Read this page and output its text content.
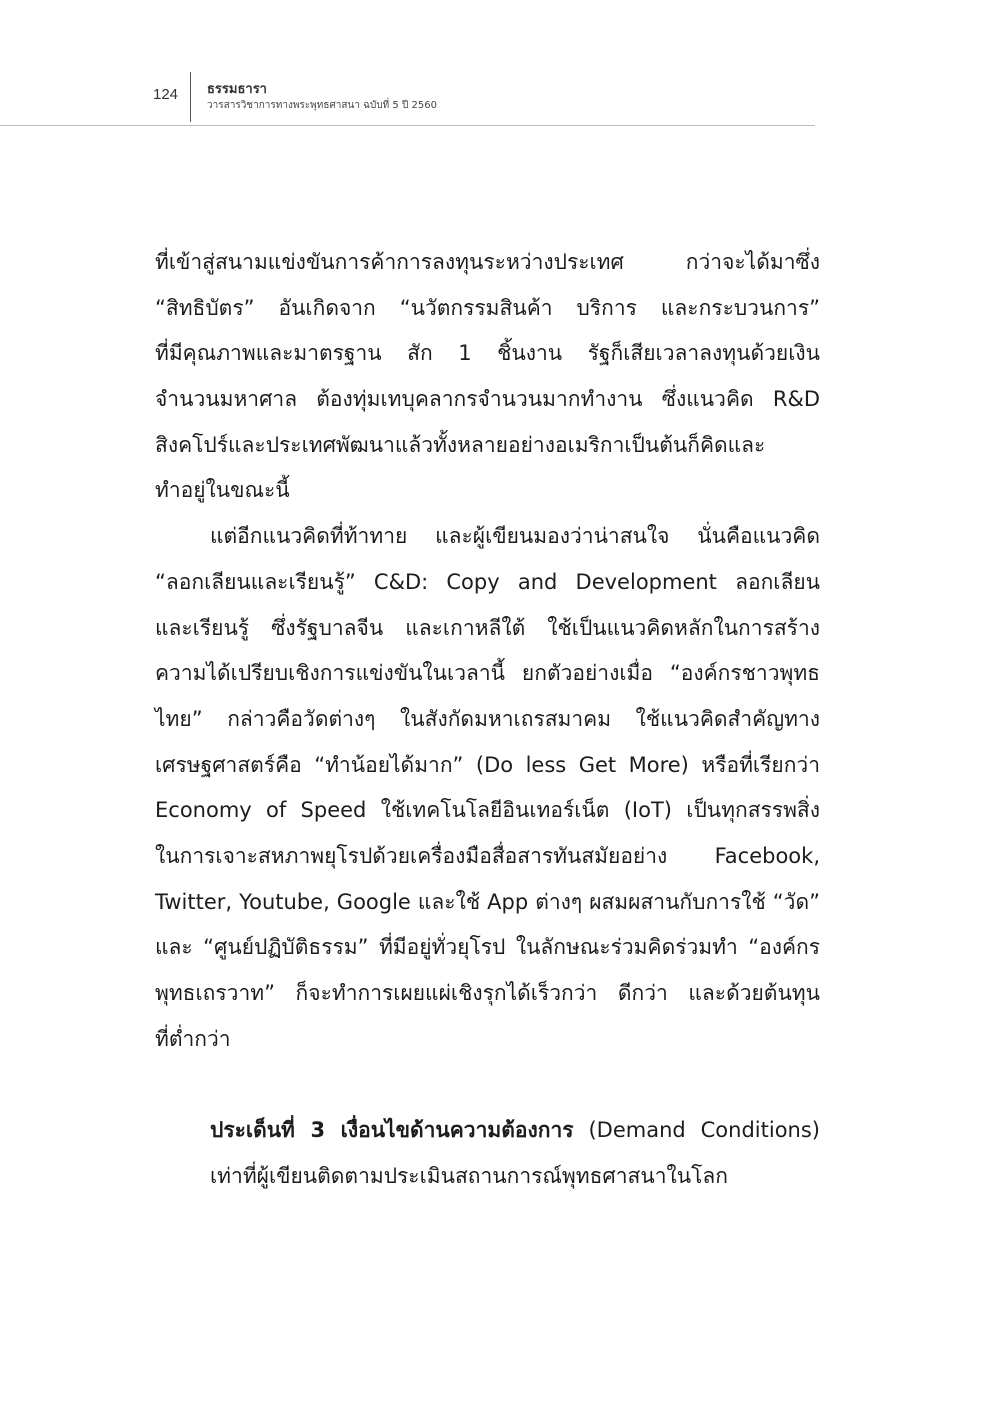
124 ธรรมธารา
วารสารวิชาการทางพระพุทธศาสนา ฉบับที่ 5 ปี 2560
ที่เข้าสู่สนามแข่งขันการค้าการลงทุนระหว่างประเทศ กว่าจะได้มาซึ่ง
“สิทธิบัตร” อันเกิดจาก “นวัตกรรมสินค้า บริการ และกระบวนการ”
ที่มีคุณภาพและมาตรฐาน สัก 1 ชิ้นงาน รัฐก็เสียเวลาลงทุนด้วยเงิน
จำนวนมหาศาล ต้องทุ่มเทบุคลากรจำนวนมากทำงาน ซึ่งแนวคิด R&D
สิงคโปร์และประเทศพัฒนาแล้วทั้งหลายอย่างอเมริกาเป็นต้นก็คิดและ
ทำอยู่ในขณะนี้
แต่อีกแนวคิดที่ท้าทาย และผู้เขียนมองว่าน่าสนใจ นั่นคือแนวคิด
“ลอกเลียนและเรียนรู้” C&D: Copy and Development ลอกเลียน
และเรียนรู้ ซึ่งรัฐบาลจีน และเกาหลีใต้ ใช้เป็นแนวคิดหลักในการสร้าง
ความได้เปรียบเชิงการแข่งขันในเวลานี้ ยกตัวอย่างเมื่อ “องค์กรชาวพุทธ
ไทย” กล่าวคือวัดต่างๆ ในสังกัดมหาเถรสมาคม ใช้แนวคิดสำคัญทาง
เศรษฐศาสตร์คือ “ทำน้อยได้มาก” (Do less Get More) หรือที่เรียกว่า
Economy of Speed ใช้เทคโนโลยีอินเทอร์เน็ต (IoT) เป็นทุกสรรพสิ่ง
ในการเจาะสหภาพยุโรปด้วยเครื่องมือสื่อสารทันสมัยอย่าง Facebook,
Twitter, Youtube, Google และใช้ App ต่างๆ ผสมผสานกับการใช้ “วัด”
และ “ศูนย์ปฏิบัติธรรม” ที่มีอยู่ทั่วยุโรป ในลักษณะร่วมคิดร่วมทำ “องค์กร
พุทธเถรวาท” ก็จะทำการเผยแผ่เชิงรุกได้เร็วกว่า ดีกว่า และด้วยต้นทุน
ที่ต่ำกว่า
ประเด็นที่ 3 เงื่อนไขด้านความต้องการ (Demand Conditions)
เท่าที่ผู้เขียนติดตามประเมินสถานการณ์พุทธศาสนาในโลก
